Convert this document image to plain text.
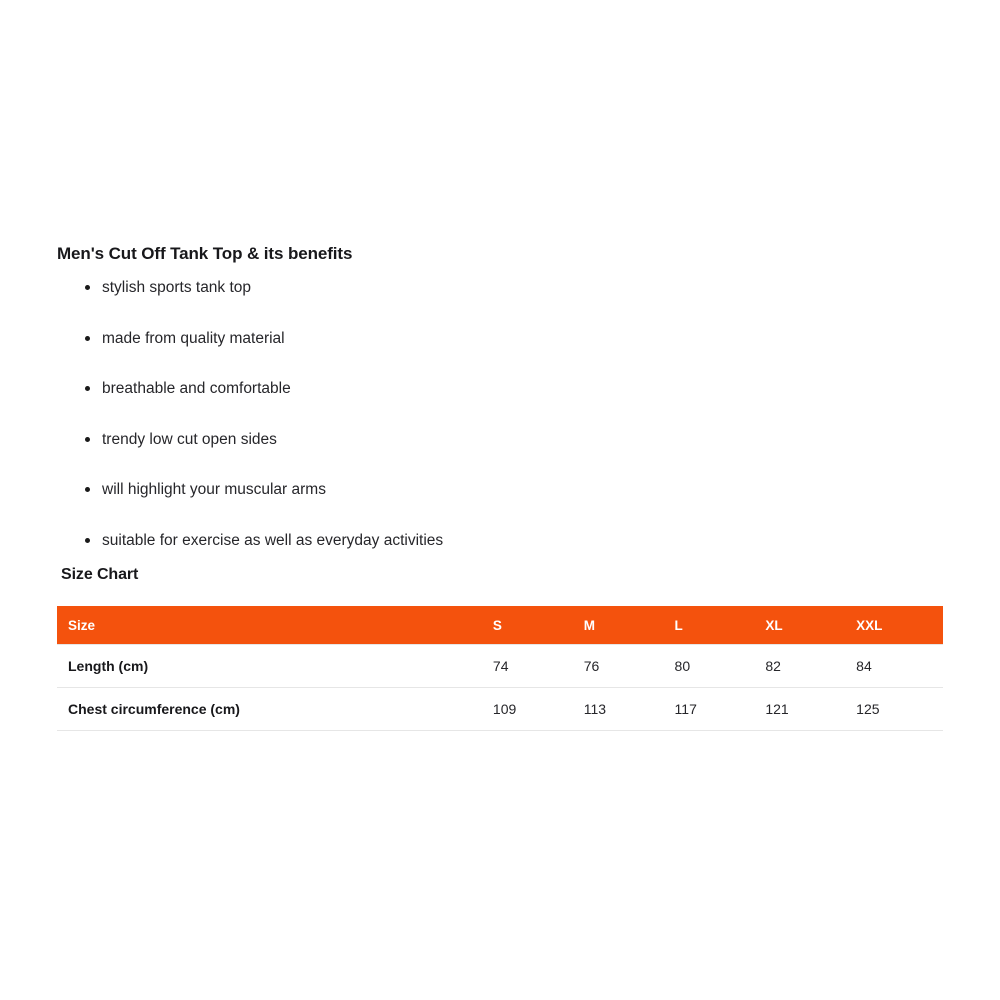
Men's Cut Off Tank Top & its benefits
stylish sports tank top
made from quality material
breathable and comfortable
trendy low cut open sides
will highlight your muscular arms
suitable for exercise as well as everyday activities
Size Chart
Size	S	M	L	XL	XXL
Length (cm)	74	76	80	82	84
Chest circumference (cm)	109	113	117	121	125
